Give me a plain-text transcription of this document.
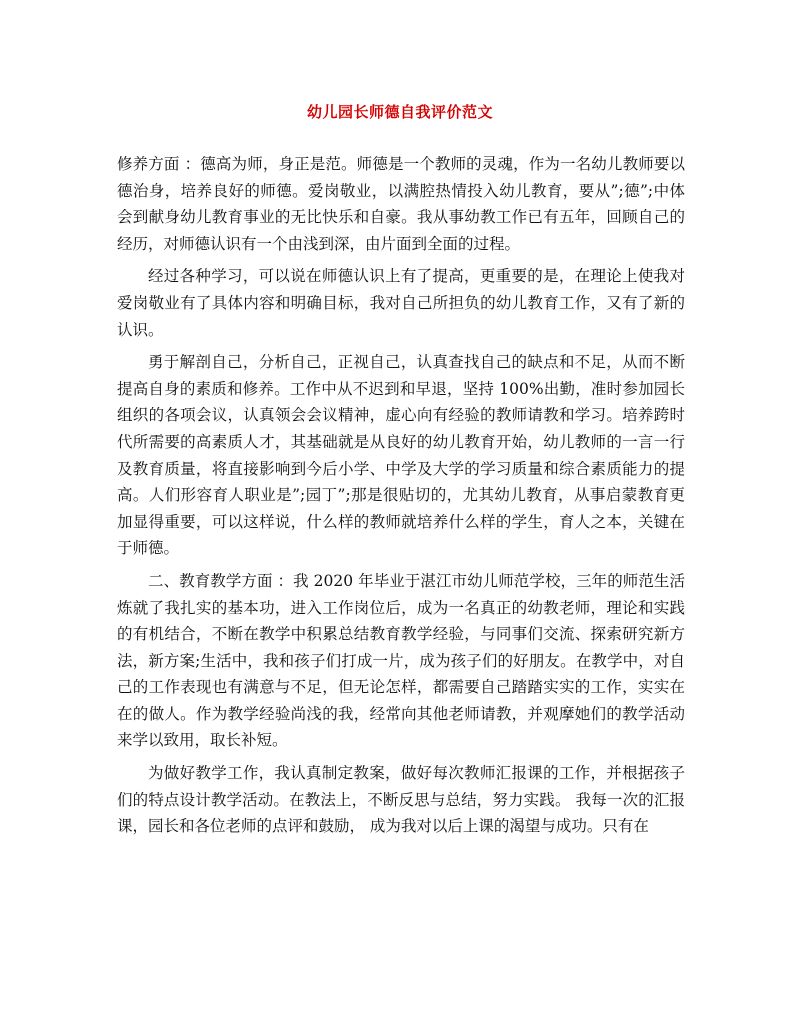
幼儿园长师德自我评价范文

修养方面 ：德高为师，身正是范。师德是一个教师的灵魂，作为一名幼儿教师要以德治身，培养良好的师德。爱岗敬业，以满腔热情投入幼儿教育，要从”;德”;中体会到献身幼儿教育事业的无比快乐和自豪。我从事幼教工作已有五年，回顾自己的经历，对师德认识有一个由浅到深，由片面到全面的过程。

经过各种学习，可以说在师德认识上有了提高，更重要的是，在理论上使我对爱岗敬业有了具体内容和明确目标，我对自己所担负的幼儿教育工作，又有了新的认识。

勇于解剖自己，分析自己，正视自己，认真查找自己的缺点和不足，从而不断提高自身的素质和修养。工作中从不迟到和早退，坚持 100%出勤，准时参加园长组织的各项会议，认真领会会议精神，虚心向有经验的教师请教和学习。培养跨时代所需要的高素质人才，其基础就是从良好的幼儿教育开始，幼儿教师的一言一行及教育质量，将直接影响到今后小学、中学及大学的学习质量和综合素质能力的提高。人们形容育人职业是”;园丁”;那是很贴切的，尤其幼儿教育，从事启蒙教育更加显得重要，可以这样说，什么样的教师就培养什么样的学生，育人之本，关键在于师德。

二、教育教学方面 ：我 2020 年毕业于湛江市幼儿师范学校，三年的师范生活炼就了我扎实的基本功，进入工作岗位后，成为一名真正的幼教老师，理论和实践的有机结合，不断在教学中积累总结教育教学经验，与同事们交流、探索研究新方法，新方案;生活中，我和孩子们打成一片，成为孩子们的好朋友。在教学中，对自己的工作表现也有满意与不足，但无论怎样，都需要自己踏踏实实的工作，实实在在的做人。作为教学经验尚浅的我，经常向其他老师请教，并观摩她们的教学活动来学以致用，取长补短。

为做好教学工作，我认真制定教案，做好每次教师汇报课的工作，并根据孩子们的特点设计教学活动。在教法上，不断反思与总结，努力实践。 我每一次的汇报课，园长和各位老师的点评和鼓励， 成为我对以后上课的渴望与成功。只有在
